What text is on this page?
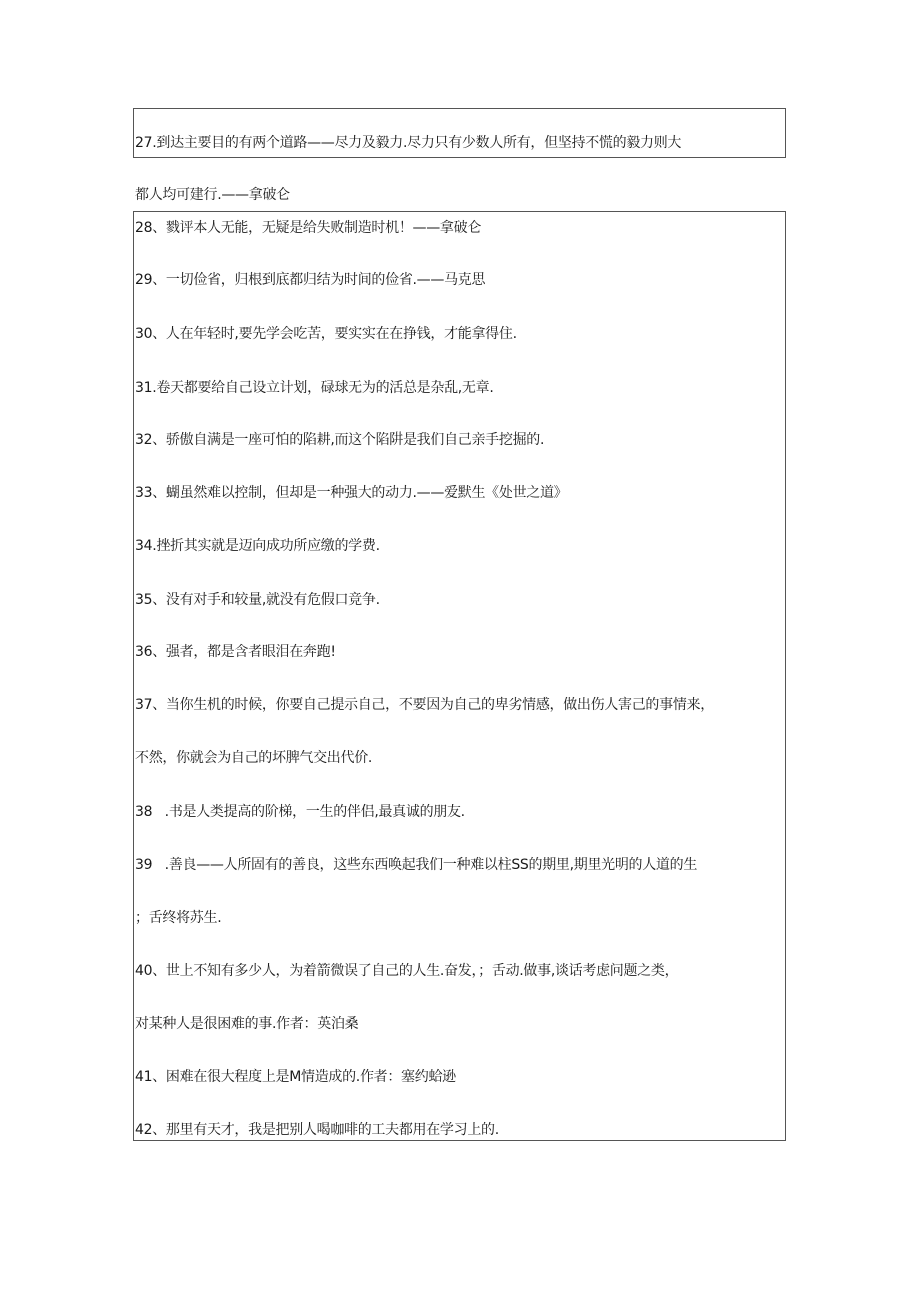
27.到达主要目的有两个道路——尽力及毅力.尽力只有少数人所有，但坚持不慌的毅力则大
都人均可建行.——拿破仑
28、戮评本人无能，无疑是给失败制造时机！——拿破仑
29、一切俭省，归根到底都归结为时间的俭省.——马克思
30、人在年轻时,要先学会吃苦，要实实在在挣钱，才能拿得住.
31.卷天都要给自己设立计划，碌球无为的活总是杂乱,无章.
32、骄傲自满是一座可怕的陷耕,而这个陷阱是我们自己亲手挖掘的.
33、蝴虽然难以控制，但却是一种强大的动力.——爱默生《处世之道》
34.挫折其实就是迈向成功所应缴的学费.
35、没有对手和较量,就没有危假口竞争.
36、强者，都是含者眼泪在奔跑!
37、当你生机的时候，你要自己提示自己，不要因为自己的卑劣情感，做出伤人害己的事情来，
不然，你就会为自己的坏脾气交出代价.
38   .书是人类提高的阶梯，一生的伴侣,最真诚的朋友.
39   .善良——人所固有的善良，这些东西唤起我们一种难以柱SS的期里,期里光明的人道的生
；舌终将苏生.
40、世上不知有多少人，为着箭微误了自己的人生.奋发，；舌动.做事,谈话考虑问题之类，
对某种人是很困难的事.作者：英泊桑
41、困难在很大程度上是M情造成的.作者：塞约蛤逊
42、那里有天才，我是把别人喝咖啡的工夫都用在学习上的.
